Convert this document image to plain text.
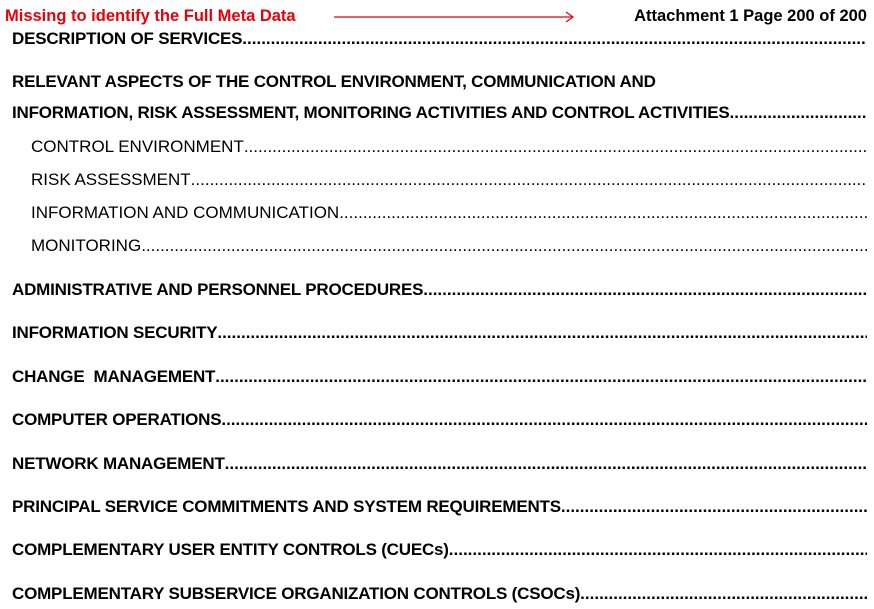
Missing to identify the Full Meta Data	Attachment 1 Page 200 of 200
DESCRIPTION OF SERVICES
.....
RELEVANT ASPECTS OF THE CONTROL ENVIRONMENT, COMMUNICATION AND
INFORMATION, RISK ASSESSMENT, MONITORING ACTIVITIES AND CONTROL ACTIVITIES
.....
CONTROL ENVIRONMENT
.....
RISK ASSESSMENT
.....
INFORMATION AND COMMUNICATION
.....
MONITORING
.....
ADMINISTRATIVE AND PERSONNEL PROCEDURES
.....
INFORMATION SECURITY
.....
CHANGE  MANAGEMENT
.....
COMPUTER OPERATIONS
.....
NETWORK MANAGEMENT
.....
PRINCIPAL SERVICE COMMITMENTS AND SYSTEM REQUIREMENTS
.....
COMPLEMENTARY USER ENTITY CONTROLS (CUECs)
.....
COMPLEMENTARY SUBSERVICE ORGANIZATION CONTROLS (CSOCs)
.....
